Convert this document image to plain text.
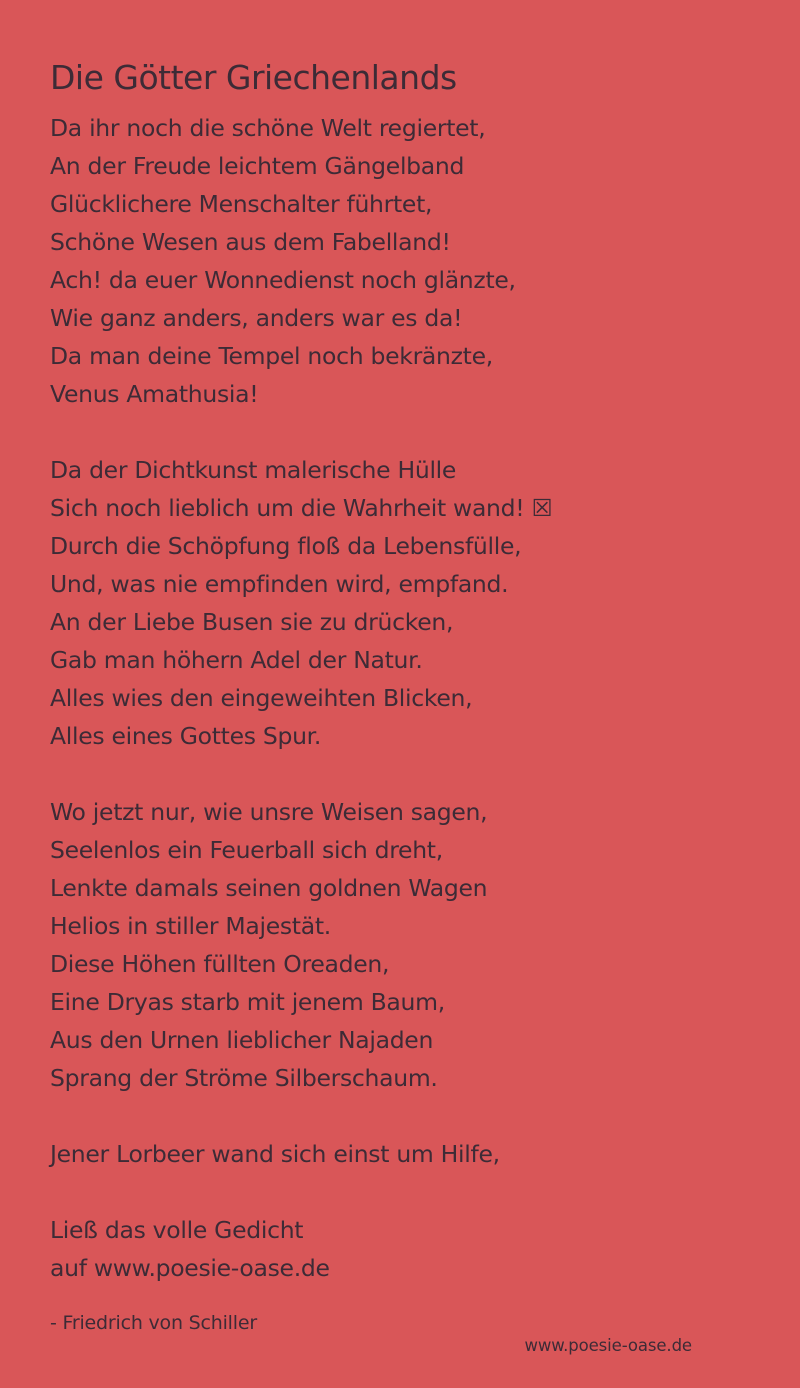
Die Götter Griechenlands
Da ihr noch die schöne Welt regiertet,
An der Freude leichtem Gängelband
Glücklichere Menschalter führtet,
Schöne Wesen aus dem Fabelland!
Ach! da euer Wonnedienst noch glänzte,
Wie ganz anders, anders war es da!
Da man deine Tempel noch bekränzte,
Venus Amathusia!
Da der Dichtkunst malerische Hülle
Sich noch lieblich um die Wahrheit wand! ☒
Durch die Schöpfung floß da Lebensfülle,
Und, was nie empfinden wird, empfand.
An der Liebe Busen sie zu drücken,
Gab man höhern Adel der Natur.
Alles wies den eingeweihten Blicken,
Alles eines Gottes Spur.
Wo jetzt nur, wie unsre Weisen sagen,
Seelenlos ein Feuerball sich dreht,
Lenkte damals seinen goldnen Wagen
Helios in stiller Majestät.
Diese Höhen füllten Oreaden,
Eine Dryas starb mit jenem Baum,
Aus den Urnen lieblicher Najaden
Sprang der Ströme Silberschaum.
Jener Lorbeer wand sich einst um Hilfe,
Ließ das volle Gedicht
auf www.poesie-oase.de
- Friedrich von Schiller
www.poesie-oase.de
